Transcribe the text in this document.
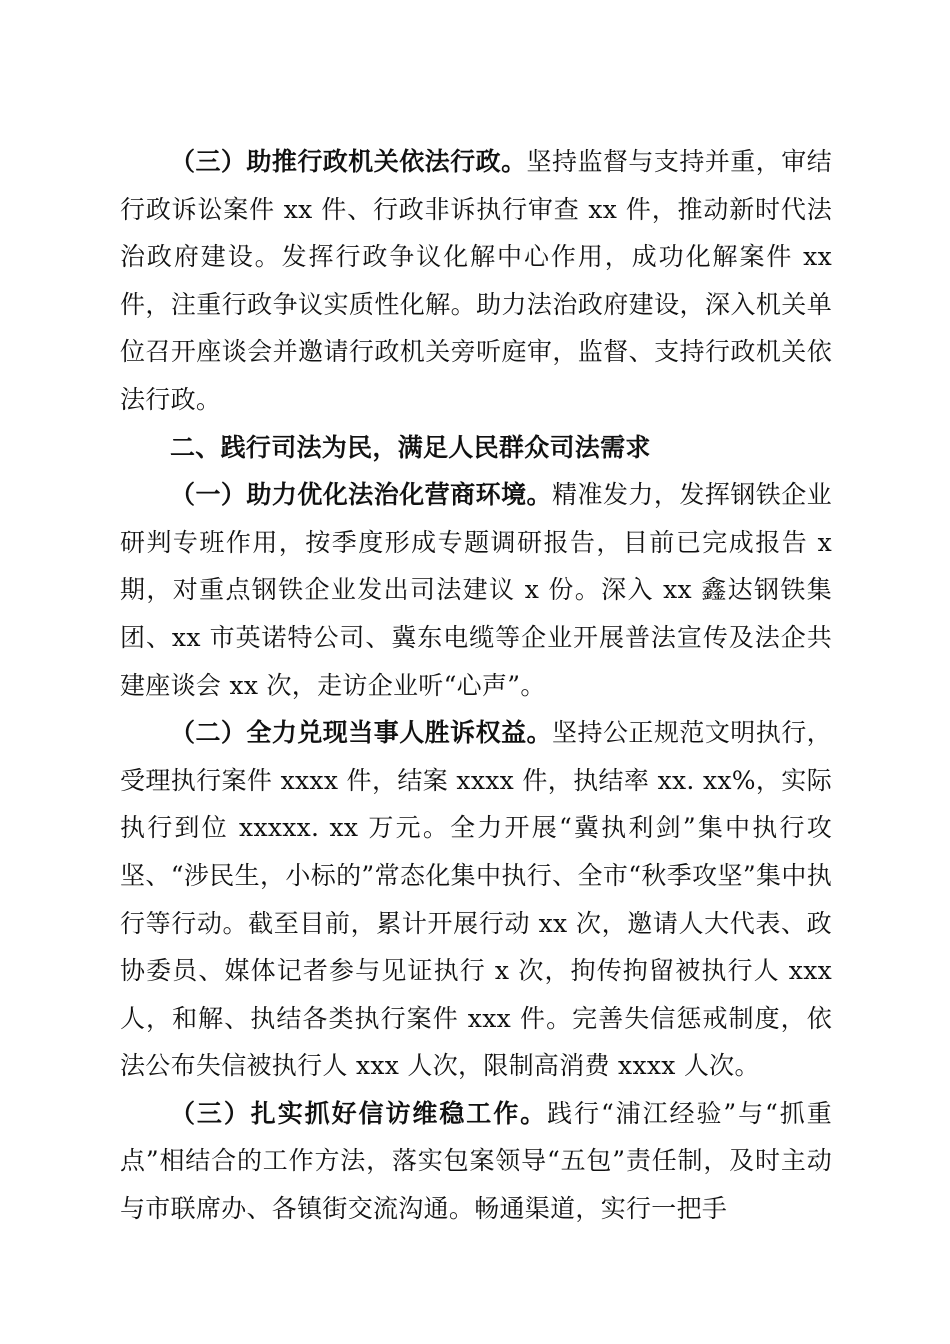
（三）助推行政机关依法行政。坚持监督与支持并重，审结行政诉讼案件 xx 件、行政非诉执行审查 xx 件，推动新时代法治政府建设。发挥行政争议化解中心作用，成功化解案件 xx 件，注重行政争议实质性化解。助力法治政府建设，深入机关单位召开座谈会并邀请行政机关旁听庭审，监督、支持行政机关依法行政。

二、践行司法为民，满足人民群众司法需求

（一）助力优化法治化营商环境。精准发力，发挥钢铁企业研判专班作用，按季度形成专题调研报告，目前已完成报告 x 期，对重点钢铁企业发出司法建议 x 份。深入 xx 鑫达钢铁集团、xx 市英诺特公司、冀东电缆等企业开展普法宣传及法企共建座谈会 xx 次，走访企业听“心声”。

（二）全力兑现当事人胜诉权益。坚持公正规范文明执行，受理执行案件 xxxx 件，结案 xxxx 件，执结率 xx. xx%，实际执行到位 xxxxx. xx 万元。全力开展“冀执利剑”集中执行攻坚、“涉民生，小标的”常态化集中执行、全市“秋季攻坚”集中执行等行动。截至目前，累计开展行动 xx 次，邀请人大代表、政协委员、媒体记者参与见证执行 x 次，拘传拘留被执行人 xxx 人，和解、执结各类执行案件 xxx 件。完善失信惩戒制度，依法公布失信被执行人 xxx 人次，限制高消费 xxxx 人次。

（三）扎实抓好信访维稳工作。践行“浦江经验”与“抓重点”相结合的工作方法，落实包案领导“五包”责任制，及时主动与市联席办、各镇街交流沟通。畅通渠道，实行一把手
